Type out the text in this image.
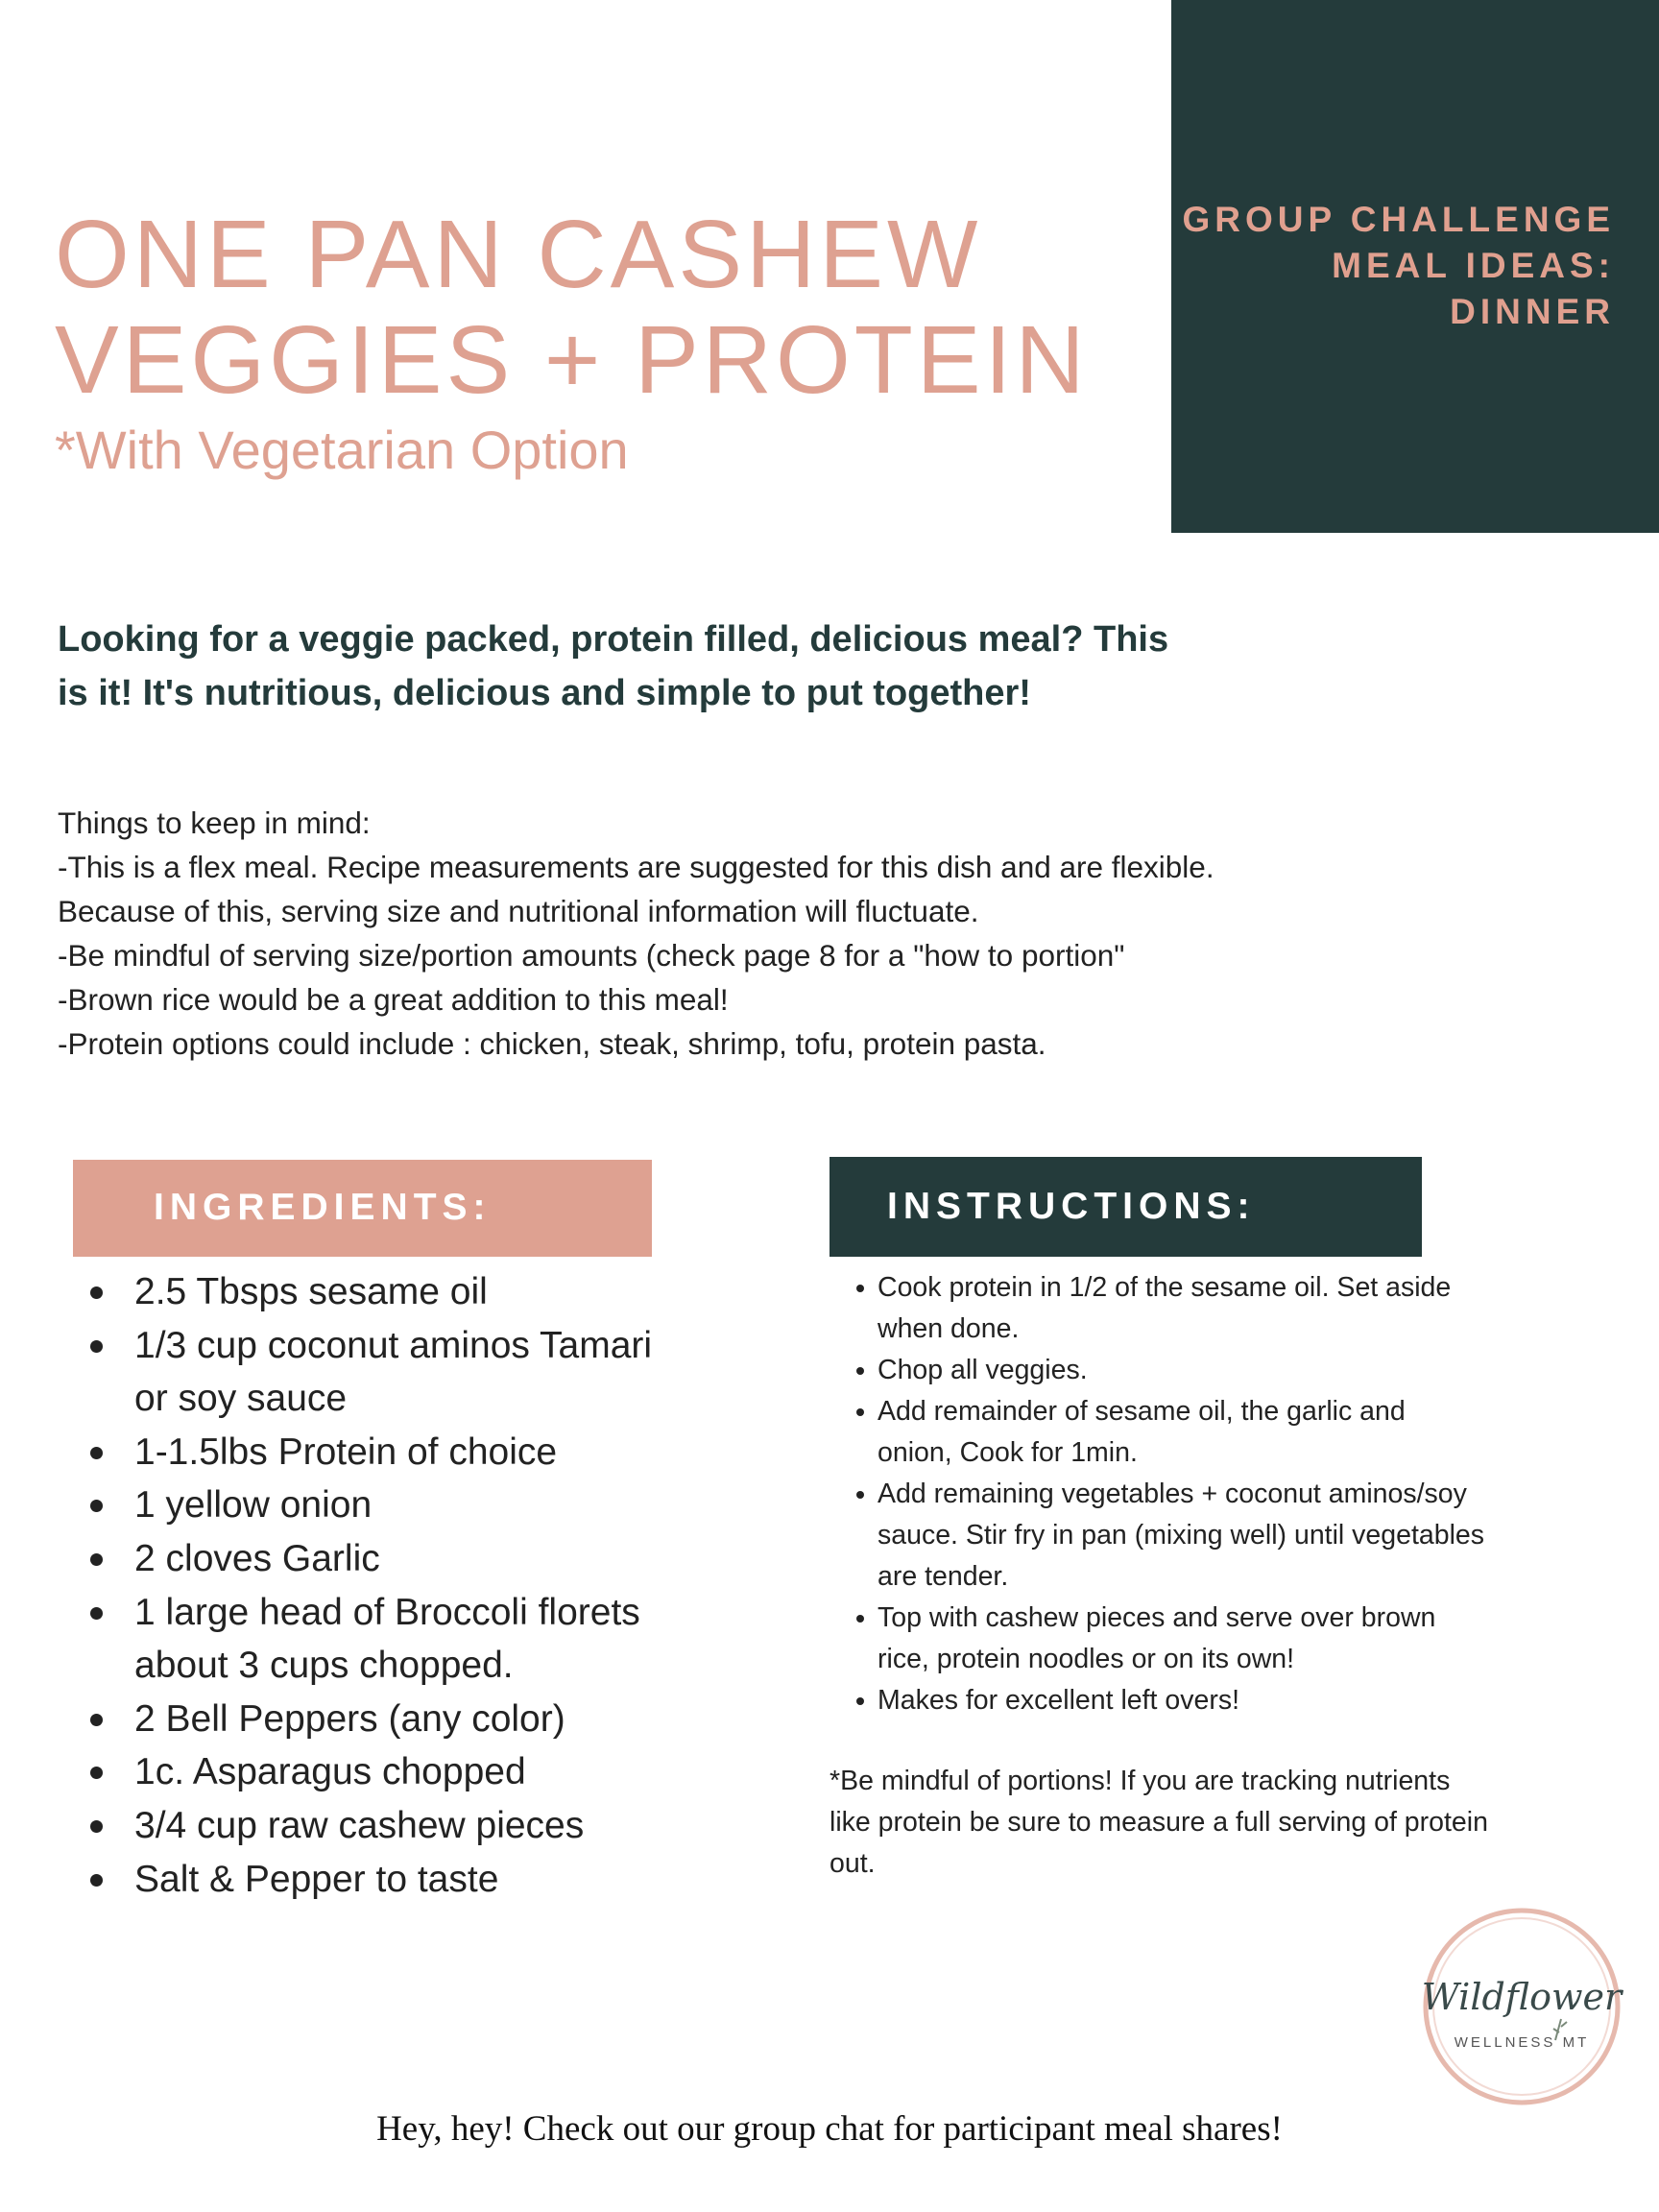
GROUP CHALLENGE
MEAL IDEAS:
DINNER
ONE PAN CASHEW
VEGGIES + PROTEIN
*With Vegetarian Option
Looking for a veggie packed, protein filled, delicious meal? This
is it! It's nutritious, delicious and simple to put together!
Things to keep in mind:
-This is a flex meal. Recipe measurements are suggested for this dish and are flexible.
Because of this, serving size and nutritional information will fluctuate.
-Be mindful of serving size/portion amounts (check page 8 for a "how to portion"
-Brown rice would be a great addition to this meal!
-Protein options could include : chicken, steak, shrimp, tofu, protein pasta.
INGREDIENTS:	INSTRUCTIONS:
2.5 Tbsps sesame oil
1/3 cup coconut aminos Tamari or soy sauce
1-1.5lbs Protein of choice
1 yellow onion
2 cloves Garlic
1 large head of Broccoli florets about 3 cups chopped.
2 Bell Peppers (any color)
1c. Asparagus chopped
3/4 cup raw cashew pieces
Salt & Pepper to taste
Cook protein in 1/2 of the sesame oil. Set aside when done.
Chop all veggies.
Add remainder of sesame oil, the garlic and onion, Cook for 1min.
Add remaining vegetables + coconut aminos/soy sauce. Stir fry in pan (mixing well) until vegetables are tender.
Top with cashew pieces and serve over brown rice, protein noodles or on its own!
Makes for excellent left overs!
*Be mindful of portions! If you are tracking nutrients like protein be sure to measure a full serving of protein out.
Wildflower
WELLNESS MT
Hey, hey! Check out our group chat for participant meal shares!
